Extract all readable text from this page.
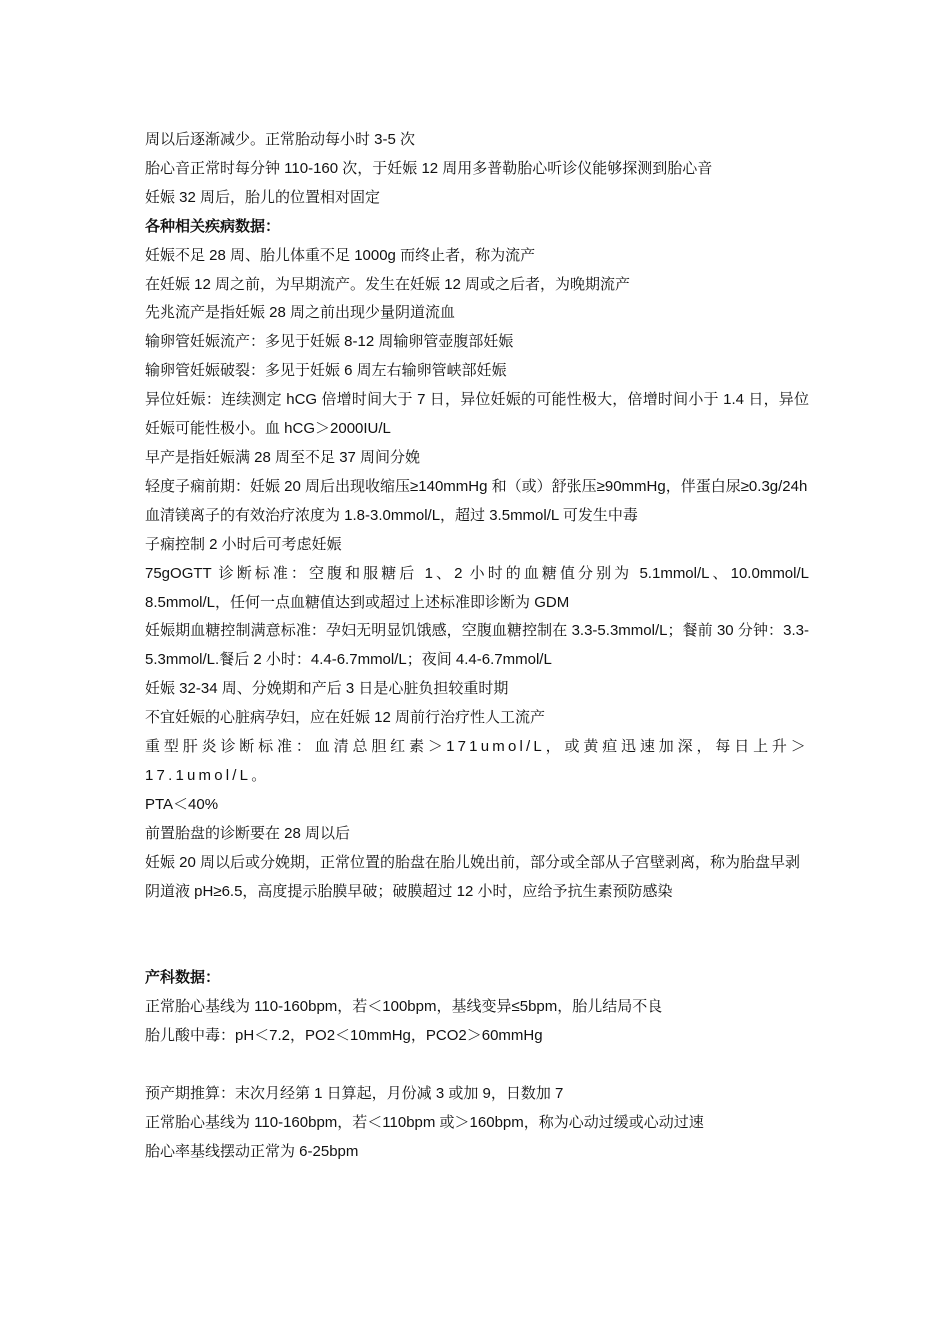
周以后逐渐减少。正常胎动每小时 3-5 次
胎心音正常时每分钟 110-160 次，于妊娠 12 周用多普勒胎心听诊仪能够探测到胎心音
妊娠 32 周后，胎儿的位置相对固定
各种相关疾病数据：
妊娠不足 28 周、胎儿体重不足 1000g 而终止者，称为流产
在妊娠 12 周之前，为早期流产。发生在妊娠 12 周或之后者，为晚期流产
先兆流产是指妊娠 28 周之前出现少量阴道流血
输卵管妊娠流产：多见于妊娠 8-12 周输卵管壶腹部妊娠
输卵管妊娠破裂：多见于妊娠 6 周左右输卵管峡部妊娠
异位妊娠：连续测定 hCG 倍增时间大于 7 日，异位妊娠的可能性极大，倍增时间小于 1.4 日，异位妊娠可能性极小。血 hCG＞2000IU/L
早产是指妊娠满 28 周至不足 37 周间分娩
轻度子痫前期：妊娠 20 周后出现收缩压≥140mmHg 和（或）舒张压≥90mmHg，伴蛋白尿≥0.3g/24h
血清镁离子的有效治疗浓度为 1.8-3.0mmol/L，超过 3.5mmol/L 可发生中毒
子痫控制 2 小时后可考虑妊娠
75gOGTT 诊断标准：空腹和服糖后 1、2 小时的血糖值分别为 5.1mmol/L、10.0mmol/L 8.5mmol/L，任何一点血糖值达到或超过上述标准即诊断为 GDM
妊娠期血糖控制满意标准：孕妇无明显饥饿感，空腹血糖控制在 3.3-5.3mmol/L；餐前 30 分钟：3.3-5.3mmol/L.餐后 2 小时：4.4-6.7mmol/L；夜间 4.4-6.7mmol/L
妊娠 32-34 周、分娩期和产后 3 日是心脏负担较重时期
不宜妊娠的心脏病孕妇，应在妊娠 12 周前行治疗性人工流产
重型肝炎诊断标准：血清总胆红素＞171umol/L，或黄疸迅速加深，每日上升＞17.1umol/L。
PTA＜40%
前置胎盘的诊断要在 28 周以后
妊娠 20 周以后或分娩期，正常位置的胎盘在胎儿娩出前，部分或全部从子宫壁剥离，称为胎盘早剥
阴道液 pH≥6.5，高度提示胎膜早破；破膜超过 12 小时，应给予抗生素预防感染
产科数据：
正常胎心基线为 110-160bpm，若＜100bpm，基线变异≤5bpm，胎儿结局不良
胎儿酸中毒：pH＜7.2，PO2＜10mmHg，PCO2＞60mmHg
预产期推算：末次月经第 1 日算起，月份减 3 或加 9，日数加 7
正常胎心基线为 110-160bpm，若＜110bpm 或＞160bpm，称为心动过缓或心动过速
胎心率基线摆动正常为 6-25bpm
